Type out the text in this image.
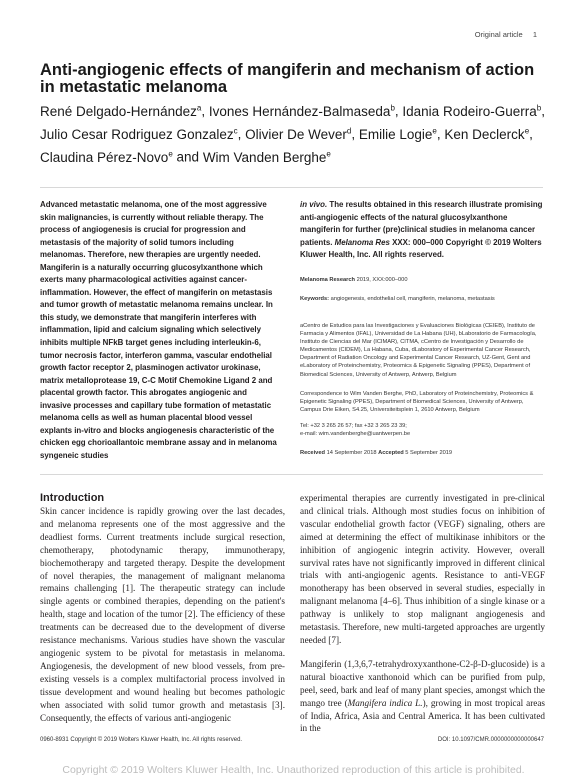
Original article 1
Anti-angiogenic effects of mangiferin and mechanism of action in metastatic melanoma
René Delgado-Hernández$^a$, Ivones Hernández-Balmaseda$^b$, Idania Rodeiro-Guerra$^b$, Julio Cesar Rodriguez Gonzalez$^c$, Olivier De Wever$^d$, Emilie Logie$^e$, Ken Declerck$^e$, Claudina Pérez-Novo$^e$ and Wim Vanden Berghe$^e$
Advanced metastatic melanoma, one of the most aggressive skin malignancies, is currently without reliable therapy. The process of angiogenesis is crucial for progression and metastasis of the majority of solid tumors including melanomas. Therefore, new therapies are urgently needed. Mangiferin is a naturally occurring glucosylxanthone which exerts many pharmacological activities against cancer-inflammation. However, the effect of mangiferin on metastasis and tumor growth of metastatic melanoma remains unclear. In this study, we demonstrate that mangiferin interferes with inflammation, lipid and calcium signaling which selectively inhibits multiple NFkB target genes including interleukin-6, tumor necrosis factor, interferon gamma, vascular endothelial growth factor receptor 2, plasminogen activator urokinase, matrix metalloprotease 19, C-C Motif Chemokine Ligand 2 and placental growth factor. This abrogates angiogenic and invasive processes and capillary tube formation of metastatic melanoma cells as well as human placental blood vessel explants in-vitro and blocks angiogenesis characteristic of the chicken egg chorioallantoic membrane assay and in melanoma syngeneic studies
in vivo. The results obtained in this research illustrate promising anti-angiogenic effects of the natural glucosylxanthone mangiferin for further (pre)clinical studies in melanoma cancer patients. Melanoma Res XXX: 000–000 Copyright © 2019 Wolters Kluwer Health, Inc. All rights reserved.
Melanoma Research 2019, XXX:000–000
Keywords: angiogenesis, endothelial cell, mangiferin, melanoma, metastasis
aCentro de Estudios para las Investigaciones y Evaluaciones Biológicas (CEIEB), Instituto de Farmacia y Alimentos (IFAL), Universidad de La Habana (UH), bLaboratorio de Farmacología, Instituto de Ciencias del Mar (ICIMAR), CITMA, cCentro de Investigación y Desarrollo de Medicamentos (CIDEM), La Habana, Cuba, dLaboratory of Experimental Cancer Research, Department of Radiation Oncology and Experimental Cancer Research, UZ-Gent, Gent and eLaboratory of Proteinchemistry, Proteomics & Epigenetic Signaling (PPES), Department of Biomedical Sciences, University of Antwerp, Antwerp, Belgium
Correspondence to Wim Vanden Berghe, PhD, Laboratory of Proteinchemistry, Proteomics & Epigenetic Signaling (PPES), Department of Biomedical Sciences, University of Antwerp, Campus Drie Eiken, S4.25, Universiteitsplein 1, 2610 Antwerp, Belgium
Tel: +32 3 265 26 57; fax +32 3 265 23 39;
e-mail: wim.vandenberghe@uantwerpen.be
Received 14 September 2018 Accepted 5 September 2019
Introduction

Skin cancer incidence is rapidly growing over the last decades, and melanoma represents one of the most aggressive and the deadliest forms. Current treatments include surgical resection, chemotherapy, photodynamic therapy, immunotherapy, biochemotherapy and targeted therapy. Despite the development of novel therapies, the management of malignant melanoma remains challenging [1]. The therapeutic strategy can include single agents or combined therapies, depending on the patient's health, stage and location of the tumor [2]. The efficiency of these treatments can be decreased due to the development of diverse resistance mechanisms. Various studies have shown the vascular angiogenic system to be pivotal for metastasis in melanoma. Angiogenesis, the development of new blood vessels, from pre-existing vessels is a complex multifactorial process involved in tissue development and wound healing but becomes pathologic when associated with solid tumor growth and metastasis [3]. Consequently, the effects of various anti-angiogenic

experimental therapies are currently investigated in pre-clinical and clinical trials. Although most studies focus on inhibition of vascular endothelial growth factor (VEGF) signaling, others are aimed at determining the effect of multikinase inhibitors or the inhibition of angiogenic integrin activity. However, overall survival rates have not significantly improved in different clinical trials with anti-angiogenic agents. Resistance to anti-VEGF monotherapy has been observed in several studies, especially in malignant melanoma [4–6]. Thus inhibition of a single kinase or a pathway is unlikely to stop malignant angiogenesis and metastasis. Therefore, new multi-targeted approaches are urgently needed [7].

Mangiferin (1,3,6,7-tetrahydroxyxanthone-C2-β-D-glucoside) is a natural bioactive xanthonoid which can be purified from pulp, peel, seed, bark and leaf of many plant species, amongst which the mango tree (Mangifera indica L.), growing in most tropical areas of India, Africa, Asia and Central America. It has been cultivated in the

0960-8931 Copyright © 2019 Wolters Kluwer Health, Inc. All rights reserved.	DOI: 10.1097/CMR.0000000000000647
Copyright © 2019 Wolters Kluwer Health, Inc. Unauthorized reproduction of this article is prohibited.
